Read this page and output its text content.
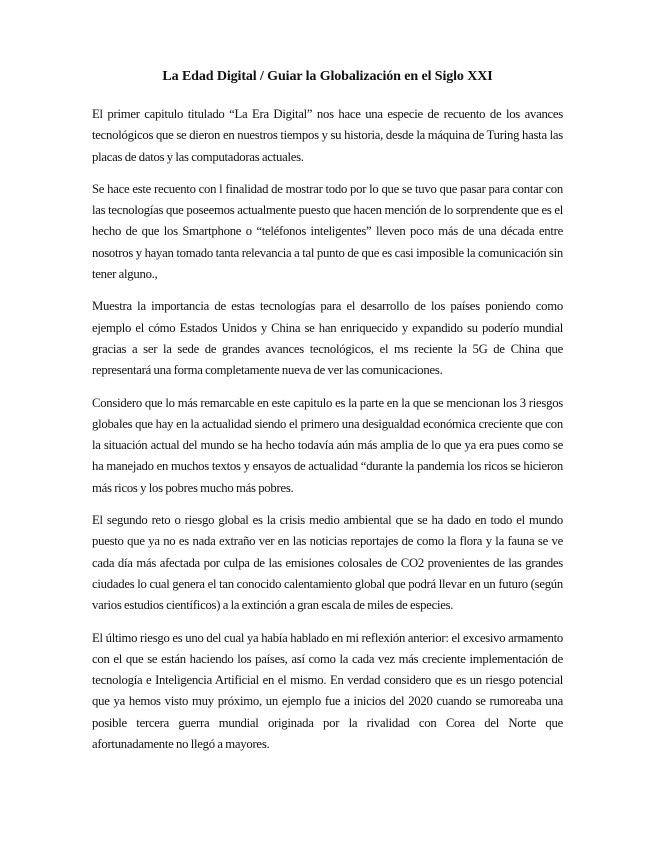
La Edad Digital / Guiar la Globalización en el Siglo XXI

El primer capitulo titulado “La Era Digital” nos hace una especie de recuento de los avances tecnológicos que se dieron en nuestros tiempos y su historia, desde la máquina de Turing hasta las placas de datos y las computadoras actuales.

Se hace este recuento con l finalidad de mostrar todo por lo que se tuvo que pasar para contar con las tecnologías que poseemos actualmente puesto que hacen mención de lo sorprendente que es el hecho de que los Smartphone o “teléfonos inteligentes” lleven poco más de una década entre nosotros y hayan tomado tanta relevancia a tal punto de que es casi imposible la comunicación sin tener alguno.,

Muestra la importancia de estas tecnologías para el desarrollo de los países poniendo como ejemplo el cómo Estados Unidos y China se han enriquecido y expandido su poderío mundial gracias a ser la sede de grandes avances tecnológicos, el ms reciente la 5G de China que representará una forma completamente nueva de ver las comunicaciones.

Considero que lo más remarcable en este capitulo es la parte en la que se mencionan los 3 riesgos globales que hay en la actualidad siendo el primero una desigualdad económica creciente que con la situación actual del mundo se ha hecho todavía aún más amplia de lo que ya era pues como se ha manejado en muchos textos y ensayos de actualidad “durante la pandemia los ricos se hicieron más ricos y los pobres mucho más pobres.

El segundo reto o riesgo global es la crisis medio ambiental que se ha dado en todo el mundo puesto que ya no es nada extraño ver en las noticias reportajes de como la flora y la fauna se ve cada día más afectada por culpa de las emisiones colosales de CO2 provenientes de las grandes ciudades lo cual genera el tan conocido calentamiento global que podrá llevar en un futuro (según varios estudios científicos) a la extinción a gran escala de miles de especies.

El último riesgo es uno del cual ya había hablado en mi reflexión anterior: el excesivo armamento con el que se están haciendo los países, así como la cada vez más creciente implementación de tecnología e Inteligencia Artificial en el mismo. En verdad considero que es un riesgo potencial que ya hemos visto muy próximo, un ejemplo fue a inicios del 2020 cuando se rumoreaba una posible tercera guerra mundial originada por la rivalidad con Corea del Norte que afortunadamente no llegó a mayores.
